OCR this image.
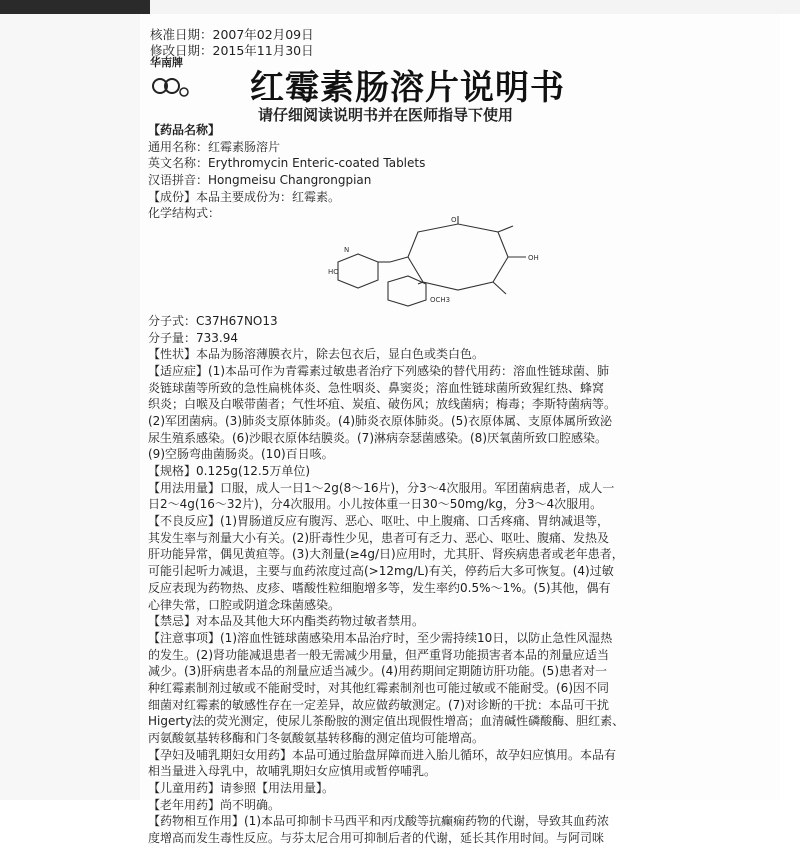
核准日期：2007年02月09日
修改日期：2015年11月30日
华南牌
红霉素肠溶片说明书
请仔细阅读说明书并在医师指导下使用
【药品名称】
通用名称：红霉素肠溶片
英文名称：Erythromycin Enteric-coated Tablets
汉语拼音：Hongmeisu Changrongpian
【成份】本品主要成份为：红霉素。
化学结构式：	O
OH
N
HO
OCH3
分子式：C37H67NO13
分子量：733.94
【性状】本品为肠溶薄膜衣片，除去包衣后，显白色或类白色。
【适应症】(1)本品可作为青霉素过敏患者治疗下列感染的替代用药：溶血性链球菌、肺
炎链球菌等所致的急性扁桃体炎、急性咽炎、鼻窦炎；溶血性链球菌所致猩红热、蜂窝
织炎；白喉及白喉带菌者；气性坏疽、炭疽、破伤风；放线菌病；梅毒；李斯特菌病等。
(2)军团菌病。(3)肺炎支原体肺炎。(4)肺炎衣原体肺炎。(5)衣原体属、支原体属所致泌
尿生殖系感染。(6)沙眼衣原体结膜炎。(7)淋病奈瑟菌感染。(8)厌氧菌所致口腔感染。
(9)空肠弯曲菌肠炎。(10)百日咳。
【规格】0.125g(12.5万单位)
【用法用量】口服，成人一日1～2g(8～16片)，分3～4次服用。军团菌病患者，成人一
日2～4g(16～32片)，分4次服用。小儿按体重一日30～50mg/kg，分3～4次服用。
【不良反应】(1)胃肠道反应有腹泻、恶心、呕吐、中上腹痛、口舌疼痛、胃纳减退等，
其发生率与剂量大小有关。(2)肝毒性少见，患者可有乏力、恶心、呕吐、腹痛、发热及
肝功能异常，偶见黄疸等。(3)大剂量(≥4g/日)应用时，尤其肝、肾疾病患者或老年患者，
可能引起听力减退，主要与血药浓度过高(>12mg/L)有关，停药后大多可恢复。(4)过敏
反应表现为药物热、皮疹、嗜酸性粒细胞增多等，发生率约0.5%～1%。(5)其他，偶有
心律失常，口腔或阴道念珠菌感染。
【禁忌】对本品及其他大环内酯类药物过敏者禁用。
【注意事项】(1)溶血性链球菌感染用本品治疗时，至少需持续10日，以防止急性风湿热
的发生。(2)肾功能减退患者一般无需减少用量，但严重肾功能损害者本品的剂量应适当
减少。(3)肝病患者本品的剂量应适当减少。(4)用药期间定期随访肝功能。(5)患者对一
种红霉素制剂过敏或不能耐受时，对其他红霉素制剂也可能过敏或不能耐受。(6)因不同
细菌对红霉素的敏感性存在一定差异，故应做药敏测定。(7)对诊断的干扰：本品可干扰
Higerty法的荧光测定，使尿儿茶酚胺的测定值出现假性增高；血清碱性磷酸酶、胆红素、
丙氨酸氨基转移酶和门冬氨酸氨基转移酶的测定值均可能增高。
【孕妇及哺乳期妇女用药】本品可通过胎盘屏障而进入胎儿循环，故孕妇应慎用。本品有
相当量进入母乳中，故哺乳期妇女应慎用或暂停哺乳。
【儿童用药】请参照【用法用量】。
【老年用药】尚不明确。
【药物相互作用】(1)本品可抑制卡马西平和丙戊酸等抗癫痫药物的代谢，导致其血药浓
度增高而发生毒性反应。与芬太尼合用可抑制后者的代谢，延长其作用时间。与阿司咪
